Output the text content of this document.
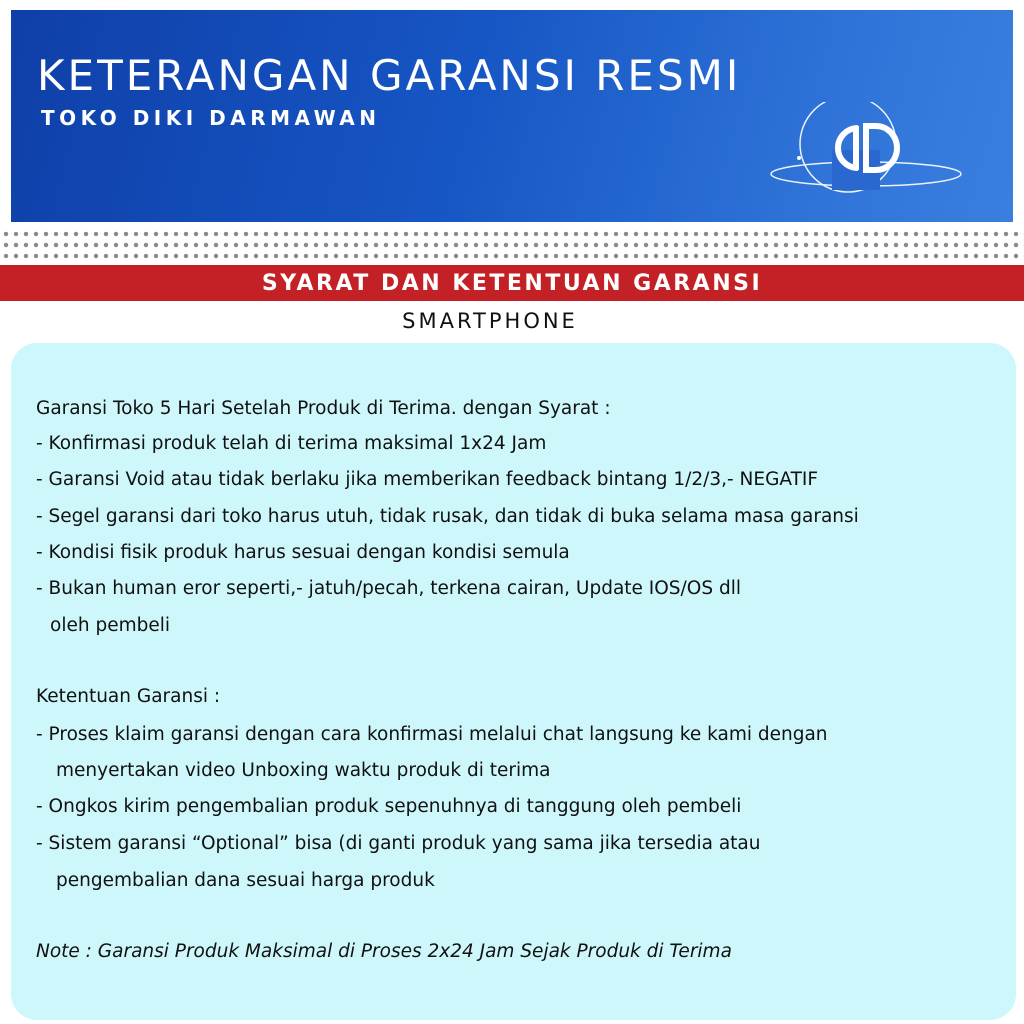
KETERANGAN GARANSI RESMI
TOKO DIKI DARMAWAN
SYARAT DAN KETENTUAN GARANSI

SMARTPHONE

Garansi Toko 5 Hari Setelah Produk di Terima. dengan Syarat :

- Konfirmasi produk telah di terima maksimal 1x24 Jam

- Garansi Void atau tidak berlaku jika memberikan feedback bintang 1/2/3,- NEGATIF

- Segel garansi dari toko harus utuh, tidak rusak, dan tidak di buka selama masa garansi

- Kondisi fisik produk harus sesuai dengan kondisi semula

- Bukan human eror seperti,- jatuh/pecah, terkena cairan, Update IOS/OS dll

oleh pembeli

Ketentuan Garansi :

- Proses klaim garansi dengan cara konfirmasi melalui chat langsung ke kami dengan

menyertakan video Unboxing waktu produk di terima

- Ongkos kirim pengembalian produk sepenuhnya di tanggung oleh pembeli

- Sistem garansi “Optional” bisa (di ganti produk yang sama jika tersedia atau

pengembalian dana sesuai harga produk

Note : Garansi Produk Maksimal di Proses 2x24 Jam Sejak Produk di Terima
